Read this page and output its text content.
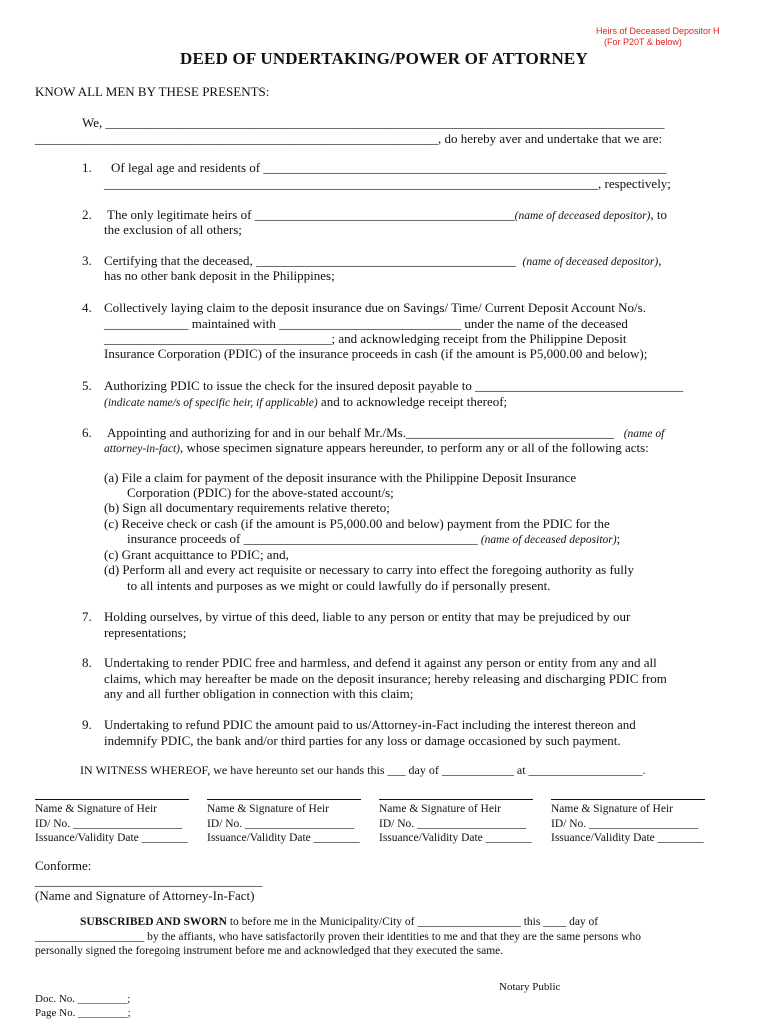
Heirs of Deceased Depositor H
(For P20T & below)
DEED OF UNDERTAKING/POWER OF ATTORNEY
KNOW ALL MEN BY THESE PRESENTS:
We, ______________________________________________________________________________________
______________________________________________________________, do hereby aver and undertake that we are:
1. Of legal age and residents of ______________________________________________________________
____________________________________________________________________________, respectively;
2. The only legitimate heirs of ________________________________________(name of deceased depositor), to
the exclusion of all others;
3. Certifying that the deceased, ________________________________________ (name of deceased depositor),
has no other bank deposit in the Philippines;
4. Collectively laying claim to the deposit insurance due on Savings/ Time/ Current Deposit Account No/s.
_____________ maintained with ____________________________ under the name of the deceased
___________________________________; and acknowledging receipt from the Philippine Deposit
Insurance Corporation (PDIC) of the insurance proceeds in cash (if the amount is P5,000.00 and below);
5. Authorizing PDIC to issue the check for the insured deposit payable to ________________________________
(indicate name/s of specific heir, if applicable) and to acknowledge receipt thereof;
6. Appointing and authorizing for and in our behalf Mr./Ms.________________________________ (name of
attorney-in-fact), whose specimen signature appears hereunder, to perform any or all of the following acts:
(a) File a claim for payment of the deposit insurance with the Philippine Deposit Insurance
Corporation (PDIC) for the above-stated account/s;
(b) Sign all documentary requirements relative thereto;
(c) Receive check or cash (if the amount is P5,000.00 and below) payment from the PDIC for the
insurance proceeds of ____________________________________ (name of deceased depositor);
(c) Grant acquittance to PDIC; and,
(d) Perform all and every act requisite or necessary to carry into effect the foregoing authority as fully
to all intents and purposes as we might or could lawfully do if personally present.
7. Holding ourselves, by virtue of this deed, liable to any person or entity that may be prejudiced by our
representations;
8. Undertaking to render PDIC free and harmless, and defend it against any person or entity from any and all
claims, which may hereafter be made on the deposit insurance; hereby releasing and discharging PDIC from
any and all further obligation in connection with this claim;
9. Undertaking to refund PDIC the amount paid to us/Attorney-in-Fact including the interest thereon and
indemnify PDIC, the bank and/or third parties for any loss or damage occasioned by such payment.
IN WITNESS WHEREOF, we have hereunto set our hands this ___ day of ____________ at ___________________.
Name & Signature of Heir
ID/ No. ___________________
Issuance/Validity Date ________
Name & Signature of Heir
ID/ No. ___________________
Issuance/Validity Date ________
Name & Signature of Heir
ID/ No. ___________________
Issuance/Validity Date ________
Name & Signature of Heir
ID/ No. ___________________
Issuance/Validity Date ________
Conforme:
___________________________________
(Name and Signature of Attorney-In-Fact)
SUBSCRIBED AND SWORN to before me in the Municipality/City of __________________ this ____ day of
___________________ by the affiants, who have satisfactorily proven their identities to me and that they are the same persons who
personally signed the foregoing instrument before me and acknowledged that they executed the same.
Notary Public
Doc. No. _________;
Page No. _________;
